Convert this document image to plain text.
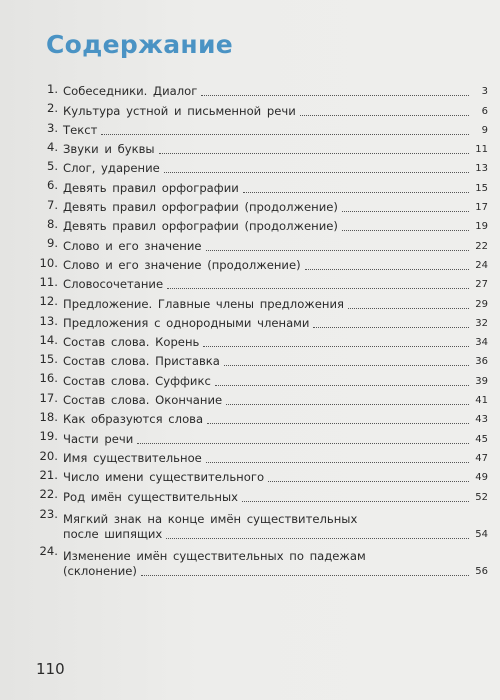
Содержание
1. Собеседники. Диалог	3
2. Культура устной и письменной речи	6
3. Текст	9
4. Звуки и буквы	11
5. Слог, ударение	13
6. Девять правил орфографии	15
7. Девять правил орфографии (продолжение)	17
8. Девять правил орфографии (продолжение)	19
9. Слово и его значение	22
10. Слово и его значение (продолжение)	24
11. Словосочетание	27
12. Предложение. Главные члены предложения	29
13. Предложения с однородными членами	32
14. Состав слова. Корень	34
15. Состав слова. Приставка	36
16. Состав слова. Суффикс	39
17. Состав слова. Окончание	41
18. Как образуются слова	43
19. Части речи	45
20. Имя существительное	47
21. Число имени существительного	49
22. Род имён существительных	52
23. Мягкий знак на конце имён существительных
после шипящих	54
24. Изменение имён существительных по падежам
(склонение)	56
110
